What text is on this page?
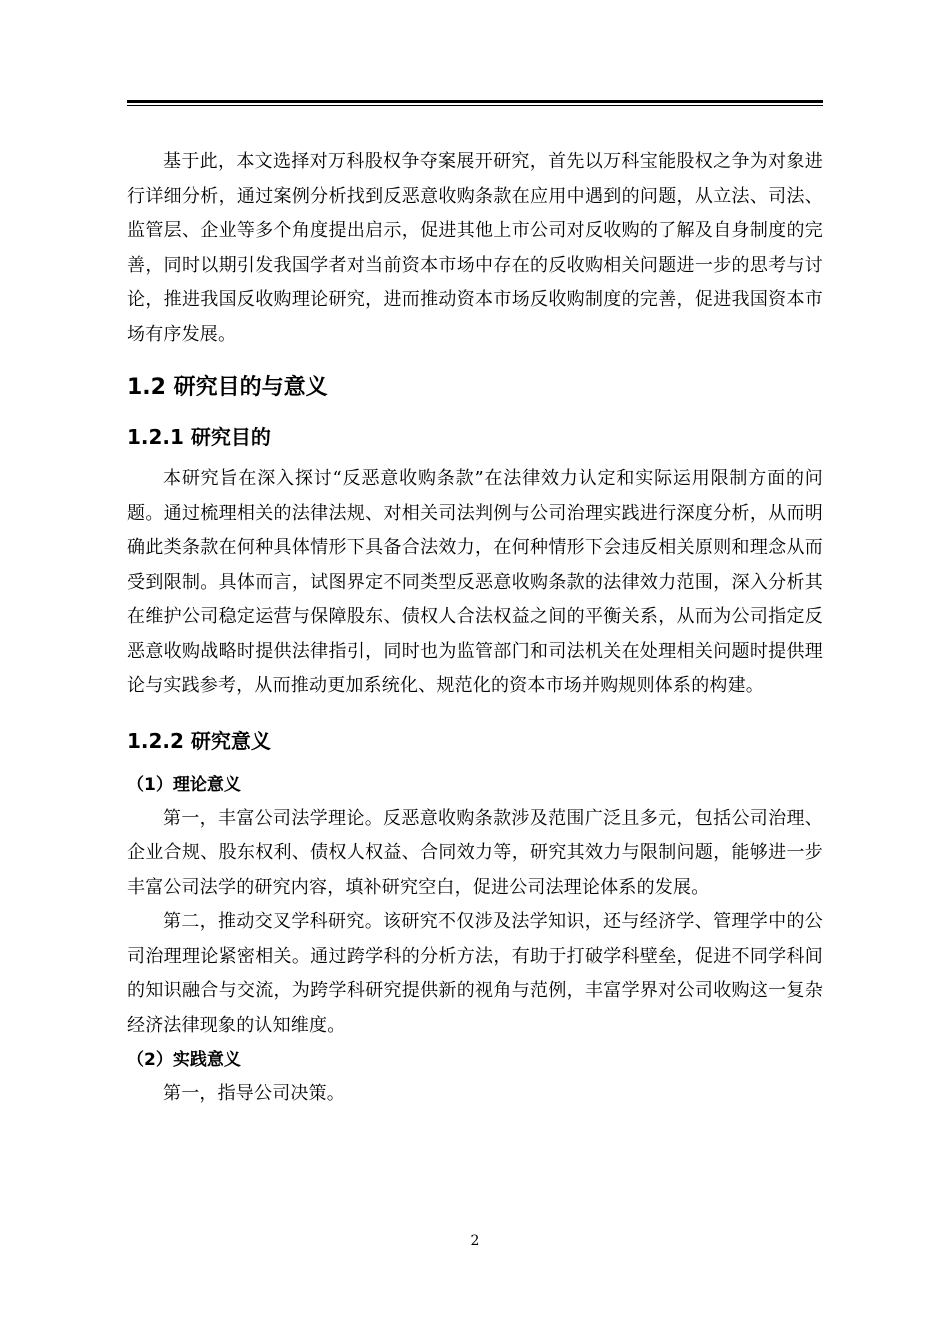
基于此，本文选择对万科股权争夺案展开研究，首先以万科宝能股权之争为对象进行详细分析，通过案例分析找到反恶意收购条款在应用中遇到的问题，从立法、司法、监管层、企业等多个角度提出启示，促进其他上市公司对反收购的了解及自身制度的完善，同时以期引发我国学者对当前资本市场中存在的反收购相关问题进一步的思考与讨论，推进我国反收购理论研究，进而推动资本市场反收购制度的完善，促进我国资本市场有序发展。

1.2 研究目的与意义
1.2.1 研究目的

本研究旨在深入探讨“反恶意收购条款”在法律效力认定和实际运用限制方面的问题。通过梳理相关的法律法规、对相关司法判例与公司治理实践进行深度分析，从而明确此类条款在何种具体情形下具备合法效力，在何种情形下会违反相关原则和理念从而受到限制。具体而言，试图界定不同类型反恶意收购条款的法律效力范围，深入分析其在维护公司稳定运营与保障股东、债权人合法权益之间的平衡关系，从而为公司指定反恶意收购战略时提供法律指引，同时也为监管部门和司法机关在处理相关问题时提供理论与实践参考，从而推动更加系统化、规范化的资本市场并购规则体系的构建。

1.2.2 研究意义
（1）理论意义

第一，丰富公司法学理论。反恶意收购条款涉及范围广泛且多元，包括公司治理、企业合规、股东权利、债权人权益、合同效力等，研究其效力与限制问题，能够进一步丰富公司法学的研究内容，填补研究空白，促进公司法理论体系的发展。

第二，推动交叉学科研究。该研究不仅涉及法学知识，还与经济学、管理学中的公司治理理论紧密相关。通过跨学科的分析方法，有助于打破学科壁垒，促进不同学科间的知识融合与交流，为跨学科研究提供新的视角与范例，丰富学界对公司收购这一复杂经济法律现象的认知维度。

（2）实践意义

第一，指导公司决策。

2
